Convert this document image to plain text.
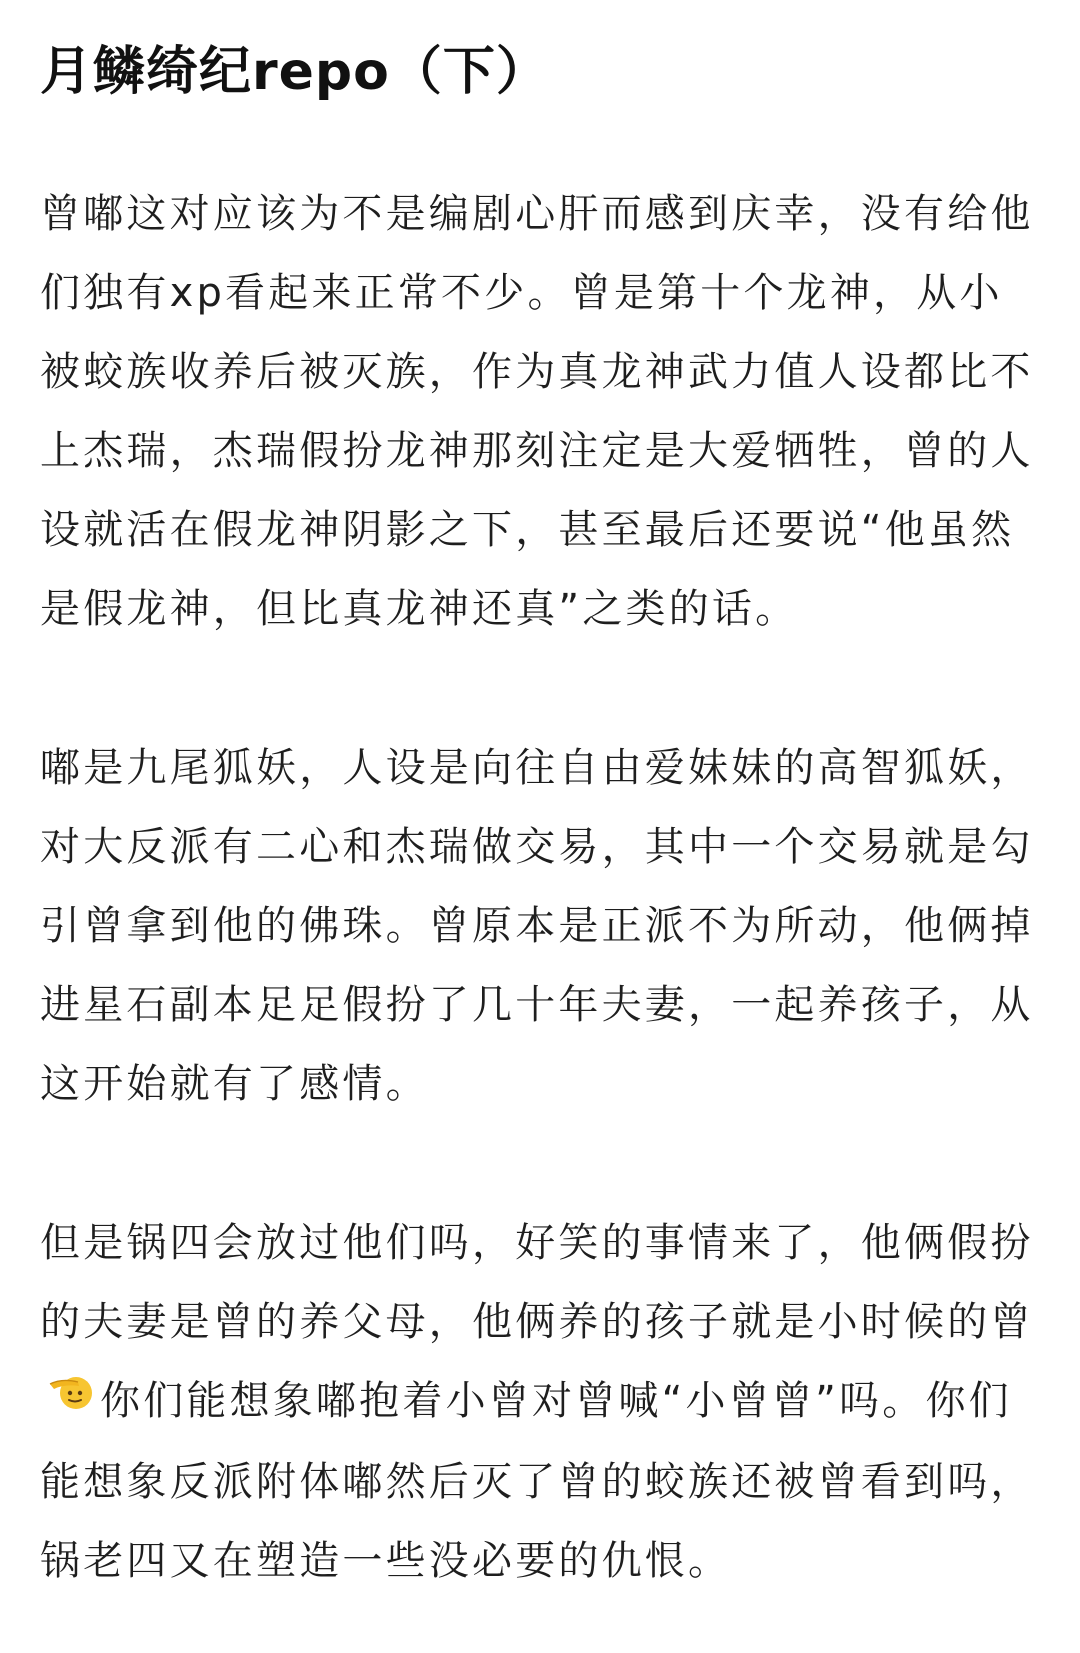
月鳞绮纪repo（下）

曾嘟这对应该为不是编剧心肝而感到庆幸，没有给他们独有xp看起来正常不少。曾是第十个龙神，从小被蛟族收养后被灭族，作为真龙神武力值人设都比不上杰瑞，杰瑞假扮龙神那刻注定是大爱牺牲，曾的人设就活在假龙神阴影之下，甚至最后还要说“他虽然是假龙神，但比真龙神还真”之类的话。

嘟是九尾狐妖，人设是向往自由爱妹妹的高智狐妖，对大反派有二心和杰瑞做交易，其中一个交易就是勾引曾拿到他的佛珠。曾原本是正派不为所动，他俩掉进星石副本足足假扮了几十年夫妻，一起养孩子，从这开始就有了感情。

但是锅四会放过他们吗，好笑的事情来了，他俩假扮的夫妻是曾的养父母，他俩养的孩子就是小时候的曾你们能想象嘟抱着小曾对曾喊“小曾曾”吗。你们能想象反派附体嘟然后灭了曾的蛟族还被曾看到吗，锅老四又在塑造一些没必要的仇恨。
